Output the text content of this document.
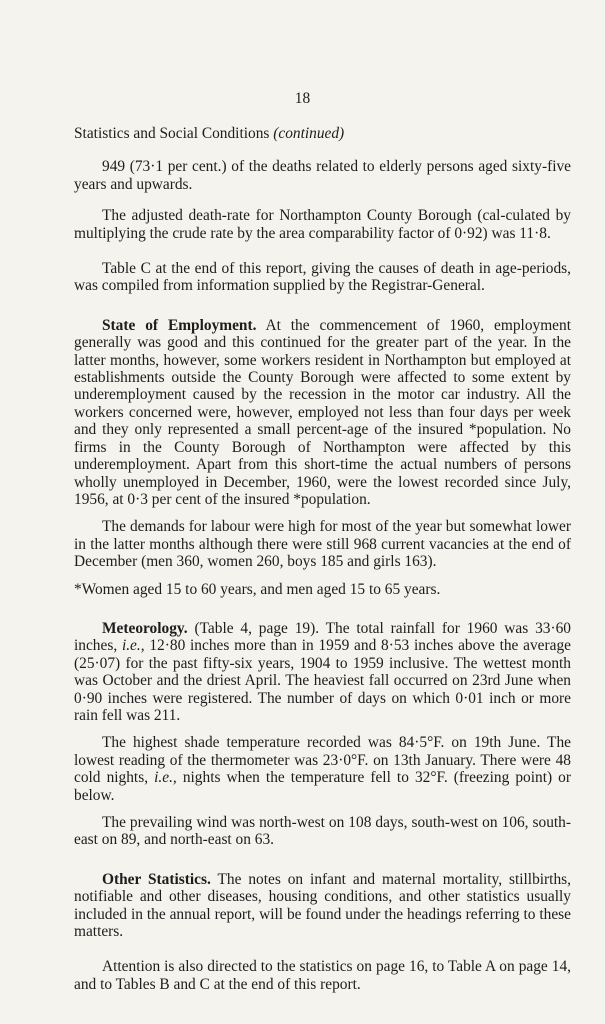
18

Statistics and Social Conditions (continued)

949 (73·1 per cent.) of the deaths related to elderly persons aged sixty-five years and upwards.

The adjusted death-rate for Northampton County Borough (cal-culated by multiplying the crude rate by the area comparability factor of 0·92) was 11·8.

Table C at the end of this report, giving the causes of death in age-periods, was compiled from information supplied by the Registrar-General.

State of Employment. At the commencement of 1960, employment generally was good and this continued for the greater part of the year. In the latter months, however, some workers resident in Northampton but employed at establishments outside the County Borough were affected to some extent by underemployment caused by the recession in the motor car industry. All the workers concerned were, however, employed not less than four days per week and they only represented a small percent-age of the insured *population. No firms in the County Borough of Northampton were affected by this underemployment. Apart from this short-time the actual numbers of persons wholly unemployed in December, 1960, were the lowest recorded since July, 1956, at 0·3 per cent of the insured *population.

The demands for labour were high for most of the year but somewhat lower in the latter months although there were still 968 current vacancies at the end of December (men 360, women 260, boys 185 and girls 163).

*Women aged 15 to 60 years, and men aged 15 to 65 years.

Meteorology. (Table 4, page 19). The total rainfall for 1960 was 33·60 inches, i.e., 12·80 inches more than in 1959 and 8·53 inches above the average (25·07) for the past fifty-six years, 1904 to 1959 inclusive. The wettest month was October and the driest April. The heaviest fall occurred on 23rd June when 0·90 inches were registered. The number of days on which 0·01 inch or more rain fell was 211.

The highest shade temperature recorded was 84·5°F. on 19th June. The lowest reading of the thermometer was 23·0°F. on 13th January. There were 48 cold nights, i.e., nights when the temperature fell to 32°F. (freezing point) or below.

The prevailing wind was north-west on 108 days, south-west on 106, south-east on 89, and north-east on 63.

Other Statistics. The notes on infant and maternal mortality, stillbirths, notifiable and other diseases, housing conditions, and other statistics usually included in the annual report, will be found under the headings referring to these matters.

Attention is also directed to the statistics on page 16, to Table A on page 14, and to Tables B and C at the end of this report.
